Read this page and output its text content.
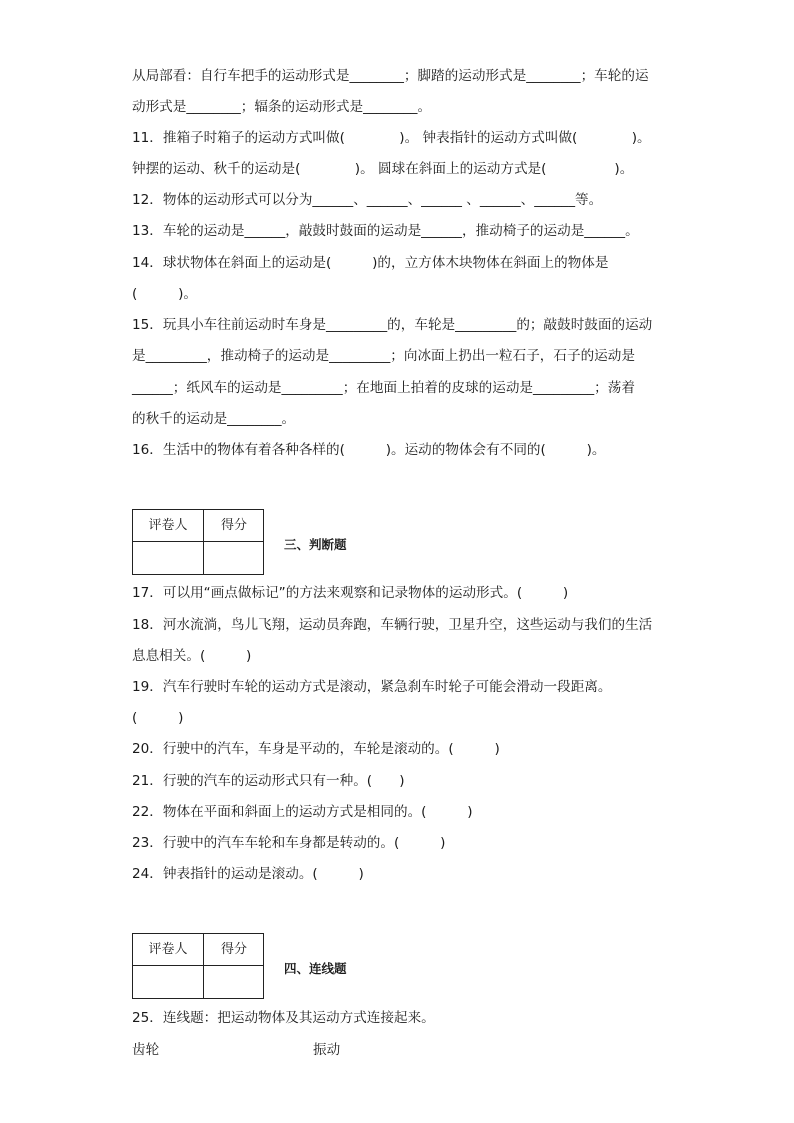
从局部看：自行车把手的运动形式是________；脚踏的运动形式是________；车轮的运
动形式是________；辐条的运动形式是________。
11．推箱子时箱子的运动方式叫做(　　　　)。 钟表指针的运动方式叫做(　　　　)。
钟摆的运动、秋千的运动是(　　　　)。 圆球在斜面上的运动方式是(　　　　　)。
12．物体的运动形式可以分为______、______、______ 、______、______等。
13．车轮的运动是______，敲鼓时鼓面的运动是______，推动椅子的运动是______。
14．球状物体在斜面上的运动是(　　　)的，立方体木块物体在斜面上的物体是
(　　　)。
15．玩具小车往前运动时车身是_________的，车轮是_________的；敲鼓时鼓面的运动
是_________，推动椅子的运动是_________；向冰面上扔出一粒石子，石子的运动是
______；纸风车的运动是_________；在地面上拍着的皮球的运动是_________；荡着
的秋千的运动是________。
16．生活中的物体有着各种各样的(　　　)。运动的物体会有不同的(　　　)。
评卷人	得分
三、判断题
17．可以用“画点做标记”的方法来观察和记录物体的运动形式。(　　　)
18．河水流淌，鸟儿飞翔，运动员奔跑，车辆行驶，卫星升空，这些运动与我们的生活
息息相关。(　　　)
19．汽车行驶时车轮的运动方式是滚动，紧急刹车时轮子可能会滑动一段距离。
(　　　)
20．行驶中的汽车，车身是平动的，车轮是滚动的。(　　　)
21．行驶的汽车的运动形式只有一种。(　　)
22．物体在平面和斜面上的运动方式是相同的。(　　　)
23．行驶中的汽车车轮和车身都是转动的。(　　　)
24．钟表指针的运动是滚动。(　　　)
评卷人	得分
四、连线题
25．连线题：把运动物体及其运动方式连接起来。
齿轮	振动
